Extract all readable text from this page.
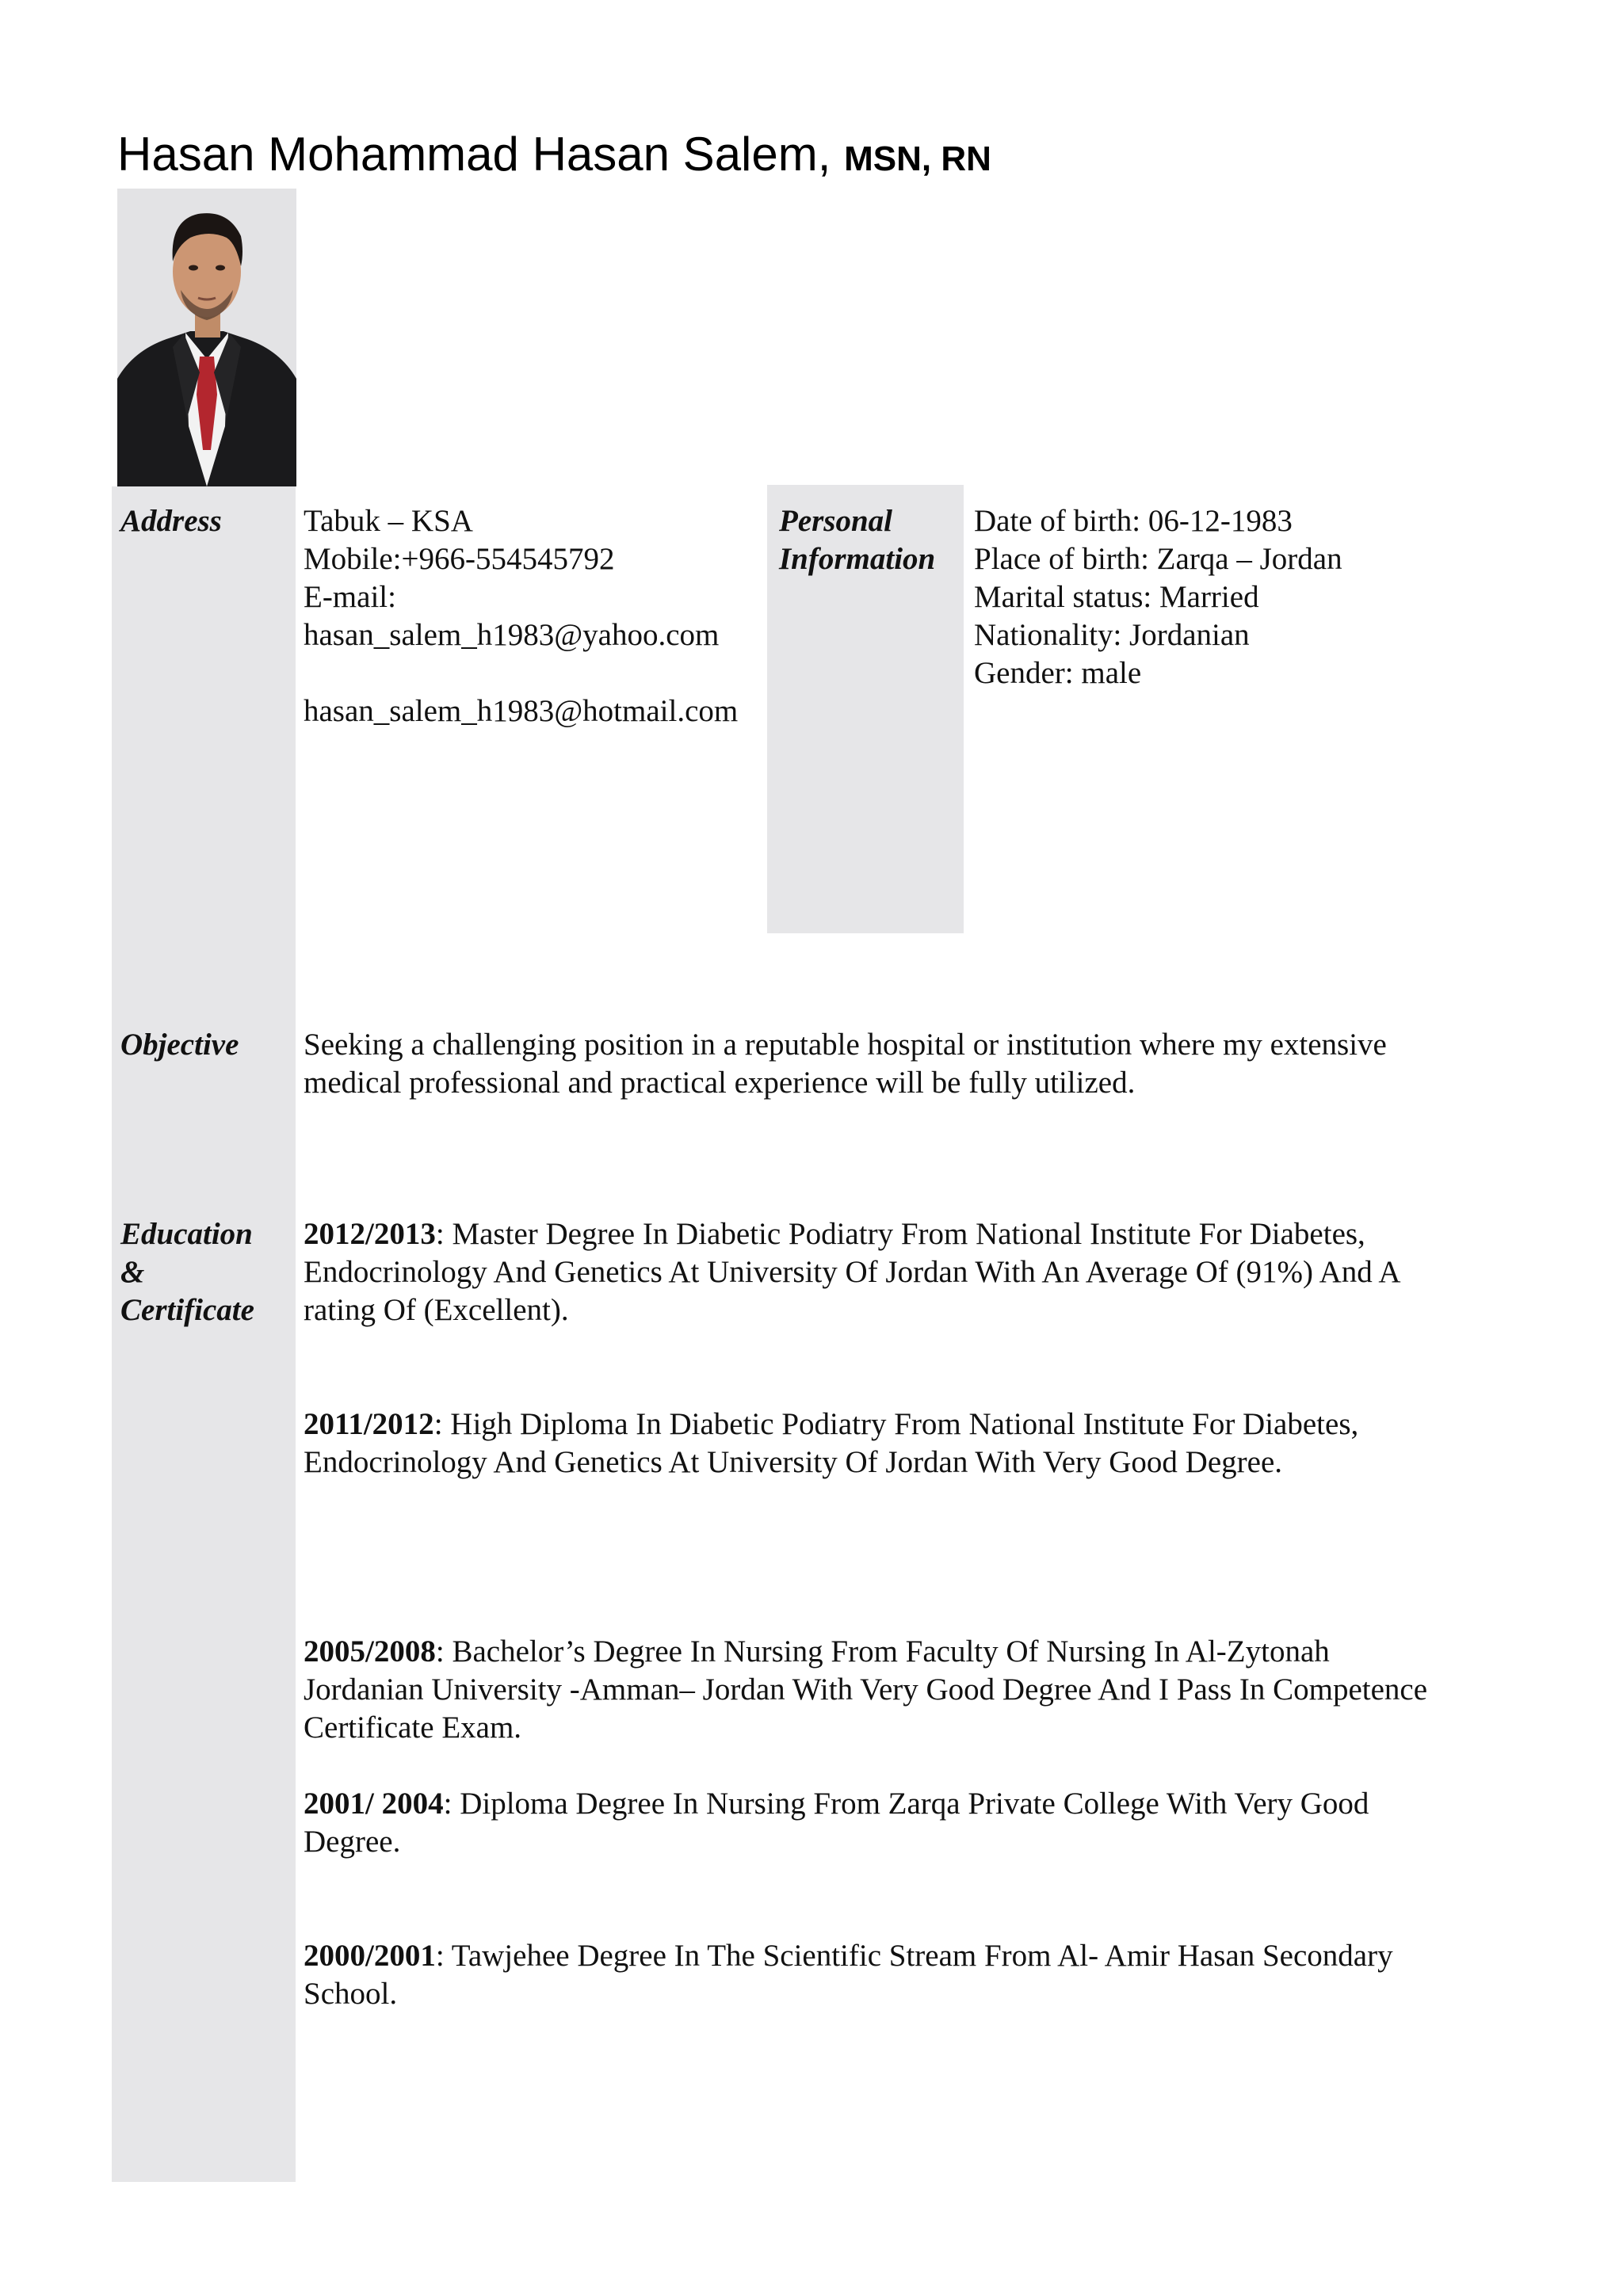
Hasan Mohammad Hasan Salem, MSN, RN
Address	Tabuk – KSA
Mobile:+966-554545792
E-mail:
hasan_salem_h1983@yahoo.com
hasan_salem_h1983@hotmail.com
Personal
Information
Date of birth: 06-12-1983
Place of birth: Zarqa – Jordan
Marital status: Married
Nationality: Jordanian
Gender: male
Objective Seeking a challenging position in a reputable hospital or institution where my extensive
medical professional and practical experience will be fully utilized.
Education
&
Certificate
2012/2013: Master Degree In Diabetic Podiatry From National Institute For Diabetes,
Endocrinology And Genetics At University Of Jordan With An Average Of (91%) And A
rating Of (Excellent).
2011/2012: High Diploma In Diabetic Podiatry From National Institute For Diabetes,
Endocrinology And Genetics At University Of Jordan With Very Good Degree.
2005/2008: Bachelor’s Degree In Nursing From Faculty Of Nursing In Al-Zytonah
Jordanian University -Amman– Jordan With Very Good Degree And I Pass In Competence
Certificate Exam.
2001/ 2004: Diploma Degree In Nursing From Zarqa Private College With Very Good
Degree.
2000/2001: Tawjehee Degree In The Scientific Stream From Al- Amir Hasan Secondary
School.
